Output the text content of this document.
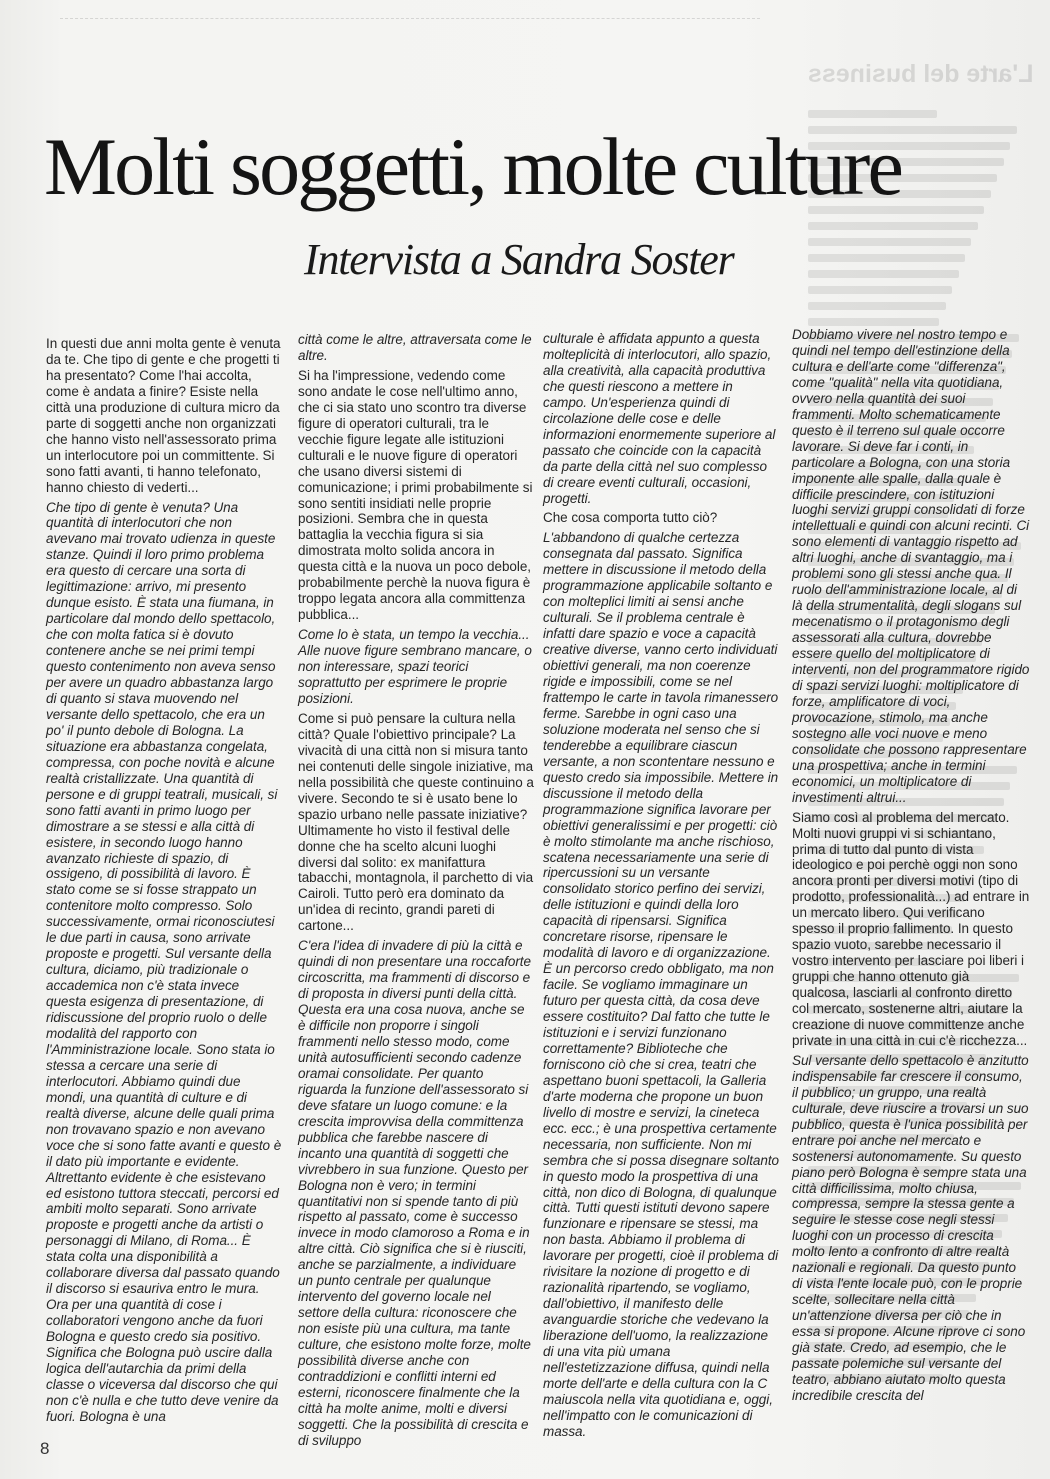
L'arte del business
Molti soggetti, molte culture
Intervista a Sandra Soster

In questi due anni molta gente è venuta da te. Che tipo di gente e che progetti ti ha presentato? Come l'hai accolta, come è andata a finire? Esiste nella città una produzione di cultura micro da parte di soggetti anche non organizzati che hanno visto nell'assessorato prima un interlocutore poi un committente. Si sono fatti avanti, ti hanno telefonato, hanno chiesto di vederti...

Che tipo di gente è venuta? Una quantità di interlocutori che non avevano mai trovato udienza in queste stanze. Quindi il loro primo problema era questo di cercare una sorta di legittimazione: arrivo, mi presento dunque esisto. È stata una fiumana, in particolare dal mondo dello spettacolo, che con molta fatica si è dovuto contenere anche se nei primi tempi questo contenimento non aveva senso per avere un quadro abbastanza largo di quanto si stava muovendo nel versante dello spettacolo, che era un po' il punto debole di Bologna. La situazione era abbastanza congelata, compressa, con poche novità e alcune realtà cristallizzate. Una quantità di persone e di gruppi teatrali, musicali, si sono fatti avanti in primo luogo per dimostrare a se stessi e alla città di esistere, in secondo luogo hanno avanzato richieste di spazio, di ossigeno, di possibilità di lavoro. È stato come se si fosse strappato un contenitore molto compresso. Solo successivamente, ormai riconosciutesi le due parti in causa, sono arrivate proposte e progetti. Sul versante della cultura, diciamo, più tradizionale o accademica non c'è stata invece questa esigenza di presentazione, di ridiscussione del proprio ruolo o delle modalità del rapporto con l'Amministrazione locale. Sono stata io stessa a cercare una serie di interlocutori. Abbiamo quindi due mondi, una quantità di culture e di realtà diverse, alcune delle quali prima non trovavano spazio e non avevano voce che si sono fatte avanti e questo è il dato più importante e evidente. Altrettanto evidente è che esistevano ed esistono tuttora steccati, percorsi ed ambiti molto separati. Sono arrivate proposte e progetti anche da artisti o personaggi di Milano, di Roma... È stata colta una disponibilità a collaborare diversa dal passato quando il discorso si esauriva entro le mura. Ora per una quantità di cose i collaboratori vengono anche da fuori Bologna e questo credo sia positivo. Significa che Bologna può uscire dalla logica dell'autarchia da primi della classe o viceversa dal discorso che qui non c'è nulla e che tutto deve venire da fuori. Bologna è una

città come le altre, attraversata come le altre.

Si ha l'impressione, vedendo come sono andate le cose nell'ultimo anno, che ci sia stato uno scontro tra diverse figure di operatori culturali, tra le vecchie figure legate alle istituzioni culturali e le nuove figure di operatori che usano diversi sistemi di comunicazione; i primi probabilmente si sono sentiti insidiati nelle proprie posizioni. Sembra che in questa battaglia la vecchia figura si sia dimostrata molto solida ancora in questa città e la nuova un poco debole, probabilmente perchè la nuova figura è troppo legata ancora alla committenza pubblica...

Come lo è stata, un tempo la vecchia... Alle nuove figure sembrano mancare, o non interessare, spazi teorici soprattutto per esprimere le proprie posizioni.

Come si può pensare la cultura nella città? Quale l'obiettivo principale? La vivacità di una città non si misura tanto nei contenuti delle singole iniziative, ma nella possibilità che queste continuino a vivere. Secondo te si è usato bene lo spazio urbano nelle passate iniziative? Ultimamente ho visto il festival delle donne che ha scelto alcuni luoghi diversi dal solito: ex manifattura tabacchi, montagnola, il parchetto di via Cairoli. Tutto però era dominato da un'idea di recinto, grandi pareti di cartone...

C'era l'idea di invadere di più la città e quindi di non presentare una roccaforte circoscritta, ma frammenti di discorso e di proposta in diversi punti della città. Questa era una cosa nuova, anche se è difficile non proporre i singoli frammenti nello stesso modo, come unità autosufficienti secondo cadenze oramai consolidate. Per quanto riguarda la funzione dell'assessorato si deve sfatare un luogo comune: e la crescita improvvisa della committenza pubblica che farebbe nascere di incanto una quantità di soggetti che vivrebbero in sua funzione. Questo per Bologna non è vero; in termini quantitativi non si spende tanto di più rispetto al passato, come è successo invece in modo clamoroso a Roma e in altre città. Ciò significa che si è riusciti, anche se parzialmente, a individuare un punto centrale per qualunque intervento del governo locale nel settore della cultura: riconoscere che non esiste più una cultura, ma tante culture, che esistono molte forze, molte possibilità diverse anche con contraddizioni e conflitti interni ed esterni, riconoscere finalmente che la città ha molte anime, molti e diversi soggetti. Che la possibilità di crescita e di sviluppo

culturale è affidata appunto a questa molteplicità di interlocutori, allo spazio, alla creatività, alla capacità produttiva che questi riescono a mettere in campo. Un'esperienza quindi di circolazione delle cose e delle informazioni enormemente superiore al passato che coincide con la capacità da parte della città nel suo complesso di creare eventi culturali, occasioni, progetti.

Che cosa comporta tutto ciò?

L'abbandono di qualche certezza consegnata dal passato. Significa mettere in discussione il metodo della programmazione applicabile soltanto e con molteplici limiti ai sensi anche culturali. Se il problema centrale è infatti dare spazio e voce a capacità creative diverse, vanno certo individuati obiettivi generali, ma non coerenze rigide e impossibili, come se nel frattempo le carte in tavola rimanessero ferme. Sarebbe in ogni caso una soluzione moderata nel senso che si tenderebbe a equilibrare ciascun versante, a non scontentare nessuno e questo credo sia impossibile. Mettere in discussione il metodo della programmazione significa lavorare per obiettivi generalissimi e per progetti: ciò è molto stimolante ma anche rischioso, scatena necessariamente una serie di ripercussioni su un versante consolidato storico perfino dei servizi, delle istituzioni e quindi della loro capacità di ripensarsi. Significa concretare risorse, ripensare le modalità di lavoro e di organizzazione. È un percorso credo obbligato, ma non facile. Se vogliamo immaginare un futuro per questa città, da cosa deve essere costituito? Dal fatto che tutte le istituzioni e i servizi funzionano correttamente? Biblioteche che forniscono ciò che si crea, teatri che aspettano buoni spettacoli, la Galleria d'arte moderna che propone un buon livello di mostre e servizi, la cineteca ecc. ecc.; è una prospettiva certamente necessaria, non sufficiente. Non mi sembra che si possa disegnare soltanto in questo modo la prospettiva di una città, non dico di Bologna, di qualunque città. Tutti questi istituti devono sapere funzionare e ripensare se stessi, ma non basta. Abbiamo il problema di lavorare per progetti, cioè il problema di rivisitare la nozione di progetto e di razionalità ripartendo, se vogliamo, dall'obiettivo, il manifesto delle avanguardie storiche che vedevano la liberazione dell'uomo, la realizzazione di una vita più umana nell'estetizzazione diffusa, quindi nella morte dell'arte e della cultura con la C maiuscola nella vita quotidiana e, oggi, nell'impatto con le comunicazioni di massa.

Dobbiamo vivere nel nostro tempo e quindi nel tempo dell'estinzione della cultura e dell'arte come "differenza", come "qualità" nella vita quotidiana, ovvero nella quantità dei suoi frammenti. Molto schematicamente questo è il terreno sul quale occorre lavorare. Si deve far i conti, in particolare a Bologna, con una storia imponente alle spalle, dalla quale è difficile prescindere, con istituzioni luoghi servizi gruppi consolidati di forze intellettuali e quindi con alcuni recinti. Ci sono elementi di vantaggio rispetto ad altri luoghi, anche di svantaggio, ma i problemi sono gli stessi anche qua. Il ruolo dell'amministrazione locale, al di là della strumentalità, degli slogans sul mecenatismo o il protagonismo degli assessorati alla cultura, dovrebbe essere quello del moltiplicatore di interventi, non del programmatore rigido di spazi servizi luoghi: moltiplicatore di forze, amplificatore di voci, provocazione, stimolo, ma anche sostegno alle voci nuove e meno consolidate che possono rappresentare una prospettiva; anche in termini economici, un moltiplicatore di investimenti altrui...

Siamo così al problema del mercato. Molti nuovi gruppi vi si schiantano, prima di tutto dal punto di vista ideologico e poi perchè oggi non sono ancora pronti per diversi motivi (tipo di prodotto, professionalità...) ad entrare in un mercato libero. Qui verificano spesso il proprio fallimento. In questo spazio vuoto, sarebbe necessario il vostro intervento per lasciare poi liberi i gruppi che hanno ottenuto già qualcosa, lasciarli al confronto diretto col mercato, sostenerne altri, aiutare la creazione di nuove committenze anche private in una città in cui c'è ricchezza...

Sul versante dello spettacolo è anzitutto indispensabile far crescere il consumo, il pubblico; un gruppo, una realtà culturale, deve riuscire a trovarsi un suo pubblico, questa è l'unica possibilità per entrare poi anche nel mercato e sostenersi autonomamente. Su questo piano però Bologna è sempre stata una città difficilissima, molto chiusa, compressa, sempre la stessa gente a seguire le stesse cose negli stessi luoghi con un processo di crescita molto lento a confronto di altre realtà nazionali e regionali. Da questo punto di vista l'ente locale può, con le proprie scelte, sollecitare nella città un'attenzione diversa per ciò che in essa si propone. Alcune riprove ci sono già state. Credo, ad esempio, che le passate polemiche sul versante del teatro, abbiano aiutato molto questa incredibile crescita del

8
